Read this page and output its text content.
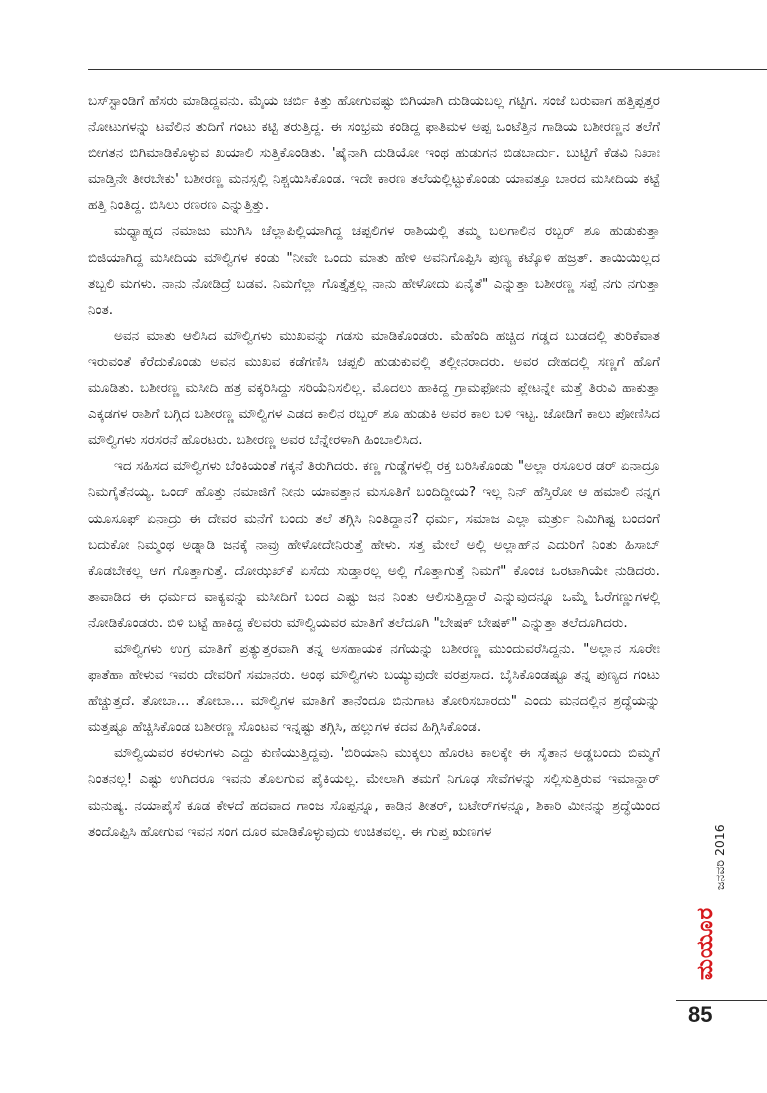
ಬಸ್‌ಸ್ಟಾಂಡಿಗೆ ಹೆಸರು ಮಾಡಿದ್ದವನು. ಮೈಯ ಚರ್ಬಿ ಕಿತ್ತು ಹೋಗುವಷ್ಟು ಬಿಗಿಯಾಗಿ ದುಡಿಯಬಲ್ಲ ಗಟ್ಟಿಗ. ಸಂಜೆ ಬರುವಾಗ ಹತ್ತಿಪ್ಪತ್ತರ ನೋಟುಗಳನ್ನು ಟವೆಲಿನ ತುದಿಗೆ ಗಂಟು ಕಟ್ಟಿ ತರುತ್ತಿದ್ದ. ಈ ಸಂಭ್ರಮ ಕಂಡಿದ್ದ ಫಾತಿಮಳ ಅಪ್ಪ ಒಂಟೆತ್ತಿನ ಗಾಡಿಯ ಬಶೀರಣ್ಣನ ತಲೆಗೆ ಬೀಗತನ ಬಿಗಿಮಾಡಿಕೊಳ್ಳುವ ಖಯಾಲಿ ಸುತ್ತಿಕೊಂಡಿತು. 'ಷೈನಾಗಿ ದುಡಿಯೋ ಇಂಥ ಹುಡುಗನ ಬಿಡಬಾರ್ದು. ಬುಟ್ಟಿಗೆ ಕೆಡವಿ ನಿಖಾಃ ಮಾಡ್ತಿನೇ ತೀರಬೇಕು' ಬಶೀರಣ್ಣ ಮನಸ್ಸಲ್ಲಿ ನಿಶ್ಚಯಿಸಿಕೊಂಡ. ಇದೇ ಕಾರಣ ತಲೆಯಲ್ಲಿಟ್ಟುಕೊಂಡು ಯಾವತ್ತೂ ಬಾರದ ಮಸೀದಿಯ ಕಟ್ಟೆ ಹತ್ತಿ ನಿಂತಿದ್ದ. ಬಿಸಿಲು ರಣರಣ ಎನ್ನುತ್ತಿತ್ತು.

ಮಧ್ಯಾಹ್ನದ ನಮಾಜು ಮುಗಿಸಿ ಚೆಲ್ಲಾಪಿಲ್ಲಿಯಾಗಿದ್ದ ಚಪ್ಪಲಿಗಳ ರಾಶಿಯಲ್ಲಿ ತಮ್ಮ ಬಲಗಾಲಿನ ರಬ್ಬರ್ ಶೂ ಹುಡುಕುತ್ತಾ ಬಿಜಿಯಾಗಿದ್ದ ಮಸೀದಿಯ ಮೌಲ್ವಿಗಳ ಕಂಡು "ನೀವೇ ಒಂದು ಮಾತು ಹೇಳಿ ಅವನಿಗೊಪ್ಪಿಸಿ ಪುಣ್ಯ ಕಟ್ಕೊಳಿ ಹಜ್ರತ್. ತಾಯಿಯಿಲ್ಲದ ತಬ್ಬಲಿ ಮಗಳು. ನಾನು ನೋಡಿದ್ರೆ ಬಡವ. ನಿಮಗೆಲ್ಲಾ ಗೊತ್ತೈತ್ತಲ್ಲ ನಾನು ಹೇಳೋದು ಏನೈತೆ" ಎನ್ನುತ್ತಾ ಬಶೀರಣ್ಣ ಸಪ್ಪೆ ನಗು ನಗುತ್ತಾ ನಿಂತ.

ಅವನ ಮಾತು ಆಲಿಸಿದ ಮೌಲ್ವಿಗಳು ಮುಖವನ್ನು ಗಡಸು ಮಾಡಿಕೊಂಡರು. ಮೆಹೆಂದಿ ಹಚ್ಚಿದ ಗಡ್ಡದ ಬುಡದಲ್ಲಿ ತುರಿಕೆವಾತ ಇರುವಂತೆ ಕೆರೆದುಕೊಂಡು ಅವನ ಮುಖವ ಕಡೆಗಣಿಸಿ ಚಪ್ಪಲಿ ಹುಡುಕುವಲ್ಲಿ ತಲ್ಲೀನರಾದರು. ಅವರ ದೇಹದಲ್ಲಿ ಸಣ್ಣಗೆ ಹೊಗೆ ಮೂಡಿತು. ಬಶೀರಣ್ಣ ಮಸೀದಿ ಹತ್ರ ವಕ್ಕರಿಸಿದ್ದು ಸರಿಯೆನಿಸಲಿಲ್ಲ. ಮೊದಲು ಹಾಕಿದ್ದ ಗ್ರಾಮಫೋನು ಪ್ಲೇಟನ್ನೇ ಮತ್ತೆ ತಿರುವಿ ಹಾಕುತ್ತಾ ಎಕ್ಕಡಗಳ ರಾಶಿಗೆ ಬಗ್ಗಿದ ಬಶೀರಣ್ಣ ಮೌಲ್ವಿಗಳ ಎಡದ ಕಾಲಿನ ರಬ್ಬರ್ ಶೂ ಹುಡುಕಿ ಅವರ ಕಾಲ ಬಳಿ ಇಟ್ಟ. ಜೋಡಿಗೆ ಕಾಲು ಪೋಣಿಸಿದ ಮೌಲ್ವಿಗಳು ಸರಸರನೆ ಹೊರಟರು. ಬಶೀರಣ್ಣ ಅವರ ಬೆನ್ನೇರಳಾಗಿ ಹಿಂಬಾಲಿಸಿದ.

ಇದ ಸಹಿಸದ ಮೌಲ್ವಿಗಳು ಬೆಂಕಿಯಂತೆ ಗಕ್ಕನೆ ತಿರುಗಿದರು. ಕಣ್ಣ ಗುಡ್ಡೆಗಳಲ್ಲಿ ರಕ್ತ ಬರಿಸಿಕೊಂಡು "ಅಲ್ಲಾ ರಸೂಲರ ಡರ್ ಏನಾದ್ರೂ ನಿಮಗೈತೆನಯ್ಯ. ಒಂದ್ ಹೊತ್ತು ನಮಾಜಿಗೆ ನೀನು ಯಾವತ್ತಾನ ಮಸೂತಿಗೆ ಬಂದಿದ್ದೀಯ? ಇಲ್ಲ ನಿನ್ ಹೆಸ್ತಿರೋ ಆ ಹಮಾಲಿ ನನ್ನಗ ಯೂಸೂಫ್ ಏನಾದ್ರು ಈ ದೇವರ ಮನೆಗೆ ಬಂದು ತಲೆ ತಗ್ಗಿಸಿ ನಿಂತಿದ್ದಾನ? ಧರ್ಮ, ಸಮಾಜ ಎಲ್ಲಾ ಮರ್ತ್ರು ನಿಮಿಗಿಷ್ಟ ಬಂದಂಗೆ ಬದುಕೋ ನಿಮ್ಮಂಥ ಅಡ್ನಾಡಿ ಜನಕ್ಕೆ ನಾವ್ರು ಹೇಳೋದೇನಿರುತ್ತೆ ಹೇಳು. ಸತ್ತ ಮೇಲೆ ಅಲ್ಲಿ ಅಲ್ಲಾಹ್‌ನ ಎದುರಿಗೆ ನಿಂತು ಹಿಸಾಬ್ ಕೊಡಬೇಕಲ್ಲ ಆಗ ಗೊತ್ತಾಗುತ್ತೆ. ದೋಝಖ್‌ಕೆ ಏಸೆದು ಸುಡ್ತಾರಲ್ಲ ಅಲ್ಲಿ ಗೊತ್ತಾಗುತ್ತೆ ನಿಮಗೆ" ಕೊಂಚ ಒರಟಾಗಿಯೇ ನುಡಿದರು. ತಾವಾಡಿದ ಈ ಧರ್ಮದ ವಾಕ್ಯವನ್ನು ಮಸೀದಿಗೆ ಬಂದ ಎಷ್ಟು ಜನ ನಿಂತು ಆಲಿಸುತ್ತಿದ್ದಾರೆ ಎನ್ನುವುದನ್ನೂ ಒಮ್ಮೆ ಓರೆಗಣ್ಣುಗಳಲ್ಲಿ ನೋಡಿಕೊಂಡರು. ಬಿಳಿ ಬಟ್ಟೆ ಹಾಕಿದ್ದ ಕೆಲವರು ಮೌಲ್ವಿಯವರ ಮಾತಿಗೆ ತಲೆದೂಗಿ "ಬೇಷಕ್ ಬೇಷಕ್" ಎನ್ನುತ್ತಾ ತಲೆದೂಗಿದರು.

ಮೌಲ್ವಿಗಳು ಉಗ್ರ ಮಾತಿಗೆ ಪ್ರತ್ಯುತ್ತರವಾಗಿ ತನ್ನ ಅಸಹಾಯಕ ನಗೆಯನ್ನು ಬಶೀರಣ್ಣ ಮುಂದುವರೆಸಿದ್ದನು. "ಅಲ್ಲಾನ ಸೂರೇಃ ಫಾತೆಹಾ ಹೇಳುವ ಇವರು ದೇವರಿಗೆ ಸಮಾನರು. ಅಂಥ ಮೌಲ್ವಿಗಳು ಬಯ್ಯುವುದೇ ವರಪ್ರಸಾದ. ಬೈಸಿಕೊಂಡಷ್ಟೂ ತನ್ನ ಪುಣ್ಯದ ಗಂಟು ಹೆಚ್ಚುತ್ತದೆ. ತೋಬಾ... ತೋಬಾ... ಮೌಲ್ವಿಗಳ ಮಾತಿಗೆ ತಾನೆಂದೂ ಬಿನುಗಾಟ ತೋರಿಸಬಾರದು" ಎಂದು ಮನದಲ್ಲಿನ ಶ್ರದ್ಧೆಯನ್ನು ಮತ್ತಷ್ಟೂ ಹೆಚ್ಚಿಸಿಕೊಂಡ ಬಶೀರಣ್ಣ ಸೊಂಟವ ಇನ್ನಷ್ಟು ತಗ್ಗಿಸಿ, ಹಲ್ಲುಗಳ ಕದವ ಹಿಗ್ಗಿಸಿಕೊಂಡ.

ಮೌಲ್ವಿಯವರ ಕರಳುಗಳು ಎದ್ದು ಕುಣಿಯುತ್ತಿದ್ದವು. 'ಬಿರಿಯಾನಿ ಮುಕ್ಕಲು ಹೊರಟ ಕಾಲಕ್ಕೇ ಈ ಸೈತಾನ ಅಡ್ಡಬಂದು ಬಿಮ್ಮಗೆ ನಿಂತನಲ್ಲ! ಎಷ್ಟು ಉಗಿದರೂ ಇವನು ತೊಲಗುವ ಪೈಕಿಯಲ್ಲ. ಮೇಲಾಗಿ ತಮಗೆ ನಿಗೂಢ ಸೇವೆಗಳನ್ನು ಸಲ್ಲಿಸುತ್ತಿರುವ ಇಮಾನ್ದಾರ್ ಮನುಷ್ಯ. ನಯಾಪೈಸೆ ಕೂಡ ಕೇಳದೆ ಹದವಾದ ಗಾಂಜ ಸೊಪ್ಪನ್ನೂ, ಕಾಡಿನ ತೀತರ್, ಬಟೇರ್‌ಗಳನ್ನೂ, ಶಿಕಾರಿ ಮೀನನ್ನು ಶ್ರದ್ಧೆಯಿಂದ ತಂದೊಪ್ಪಿಸಿ ಹೋಗುವ ಇವನ ಸಂಗ ದೂರ ಮಾಡಿಕೊಳ್ಳುವುದು ಉಚಿತವಲ್ಲ. ಈ ಗುಪ್ತ ಋಣಗಳ	ಜನವರಿ 2016
ಮಯೂರ
85
